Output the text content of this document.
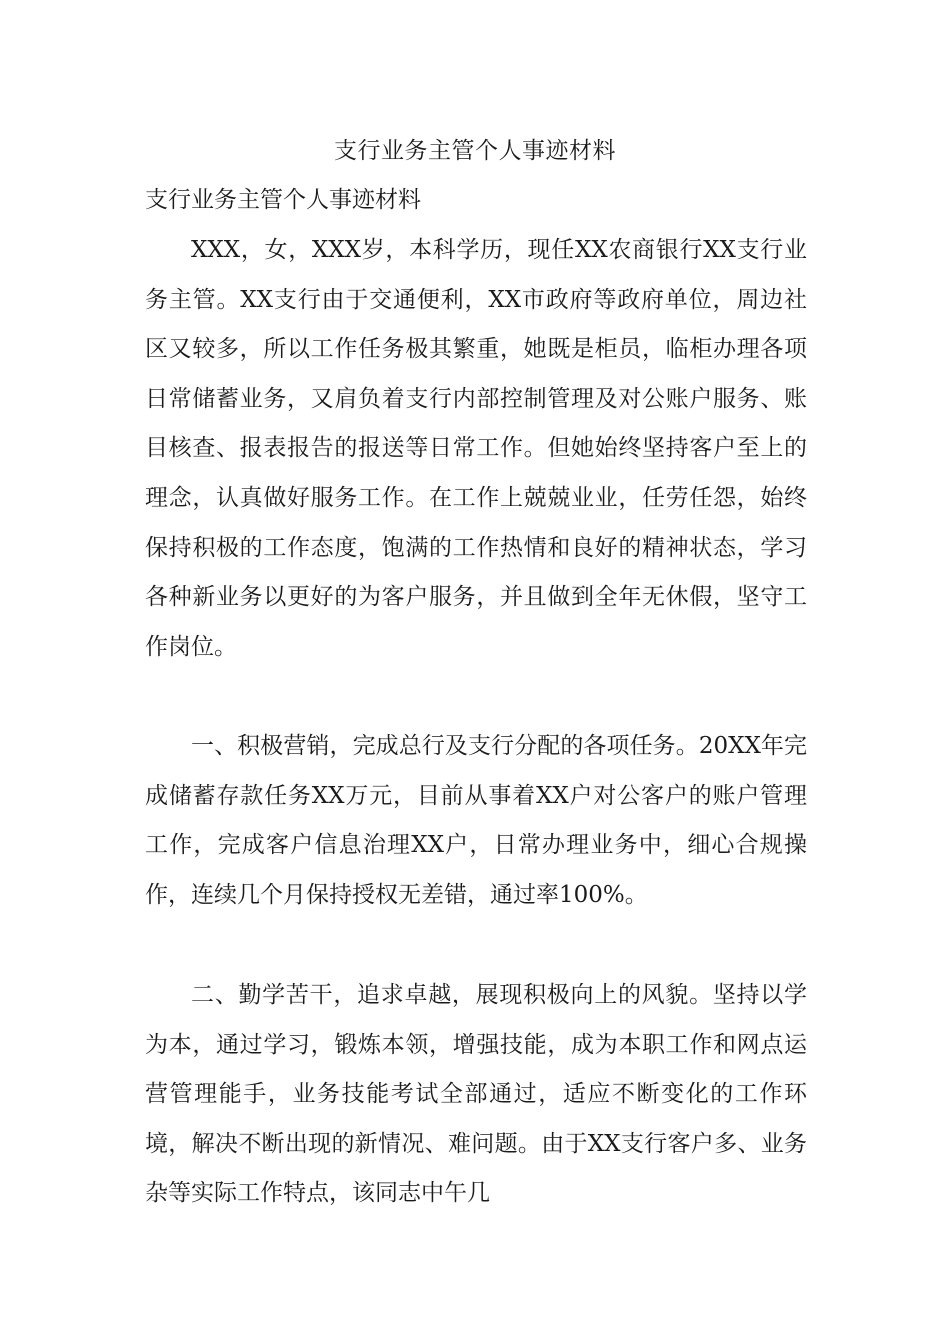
支行业务主管个人事迹材料

支行业务主管个人事迹材料

XXX，女，XXX岁，本科学历，现任XX农商银行XX支行业务主管。XX支行由于交通便利，XX市政府等政府单位，周边社区又较多，所以工作任务极其繁重，她既是柜员，临柜办理各项日常储蓄业务，又肩负着支行内部控制管理及对公账户服务、账目核查、报表报告的报送等日常工作。但她始终坚持客户至上的理念，认真做好服务工作。在工作上兢兢业业，任劳任怨，始终保持积极的工作态度，饱满的工作热情和良好的精神状态，学习各种新业务以更好的为客户服务，并且做到全年无休假，坚守工作岗位。

一、积极营销，完成总行及支行分配的各项任务。20XX年完成储蓄存款任务XX万元，目前从事着XX户对公客户的账户管理工作，完成客户信息治理XX户，日常办理业务中，细心合规操作，连续几个月保持授权无差错，通过率100%。

二、勤学苦干，追求卓越，展现积极向上的风貌。坚持以学为本，通过学习，锻炼本领，增强技能，成为本职工作和网点运营管理能手，业务技能考试全部通过，适应不断变化的工作环境，解决不断出现的新情况、难问题。由于XX支行客户多、业务杂等实际工作特点，该同志中午几
